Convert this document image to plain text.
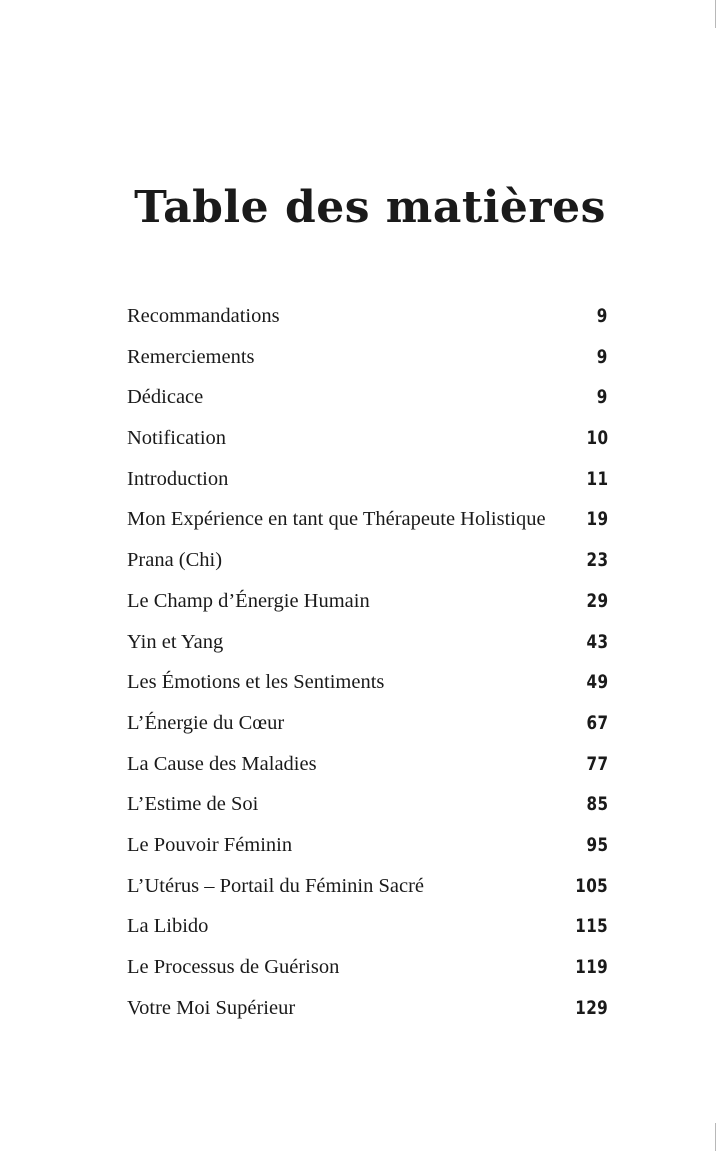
Table des matières
Recommandations	9
Remerciements	9
Dédicace	9
Notification	10
Introduction	11
Mon Expérience en tant que Thérapeute Holistique 19
Prana (Chi)	23
Le Champ d’Énergie Humain	29
Yin et Yang	43
Les Émotions et les Sentiments	49
L’Énergie du Cœur	67
La Cause des Maladies	77
L’Estime de Soi	85
Le Pouvoir Féminin	95
L’Utérus – Portail du Féminin Sacré	105
La Libido	115
Le Processus de Guérison	119
Votre Moi Supérieur	129
